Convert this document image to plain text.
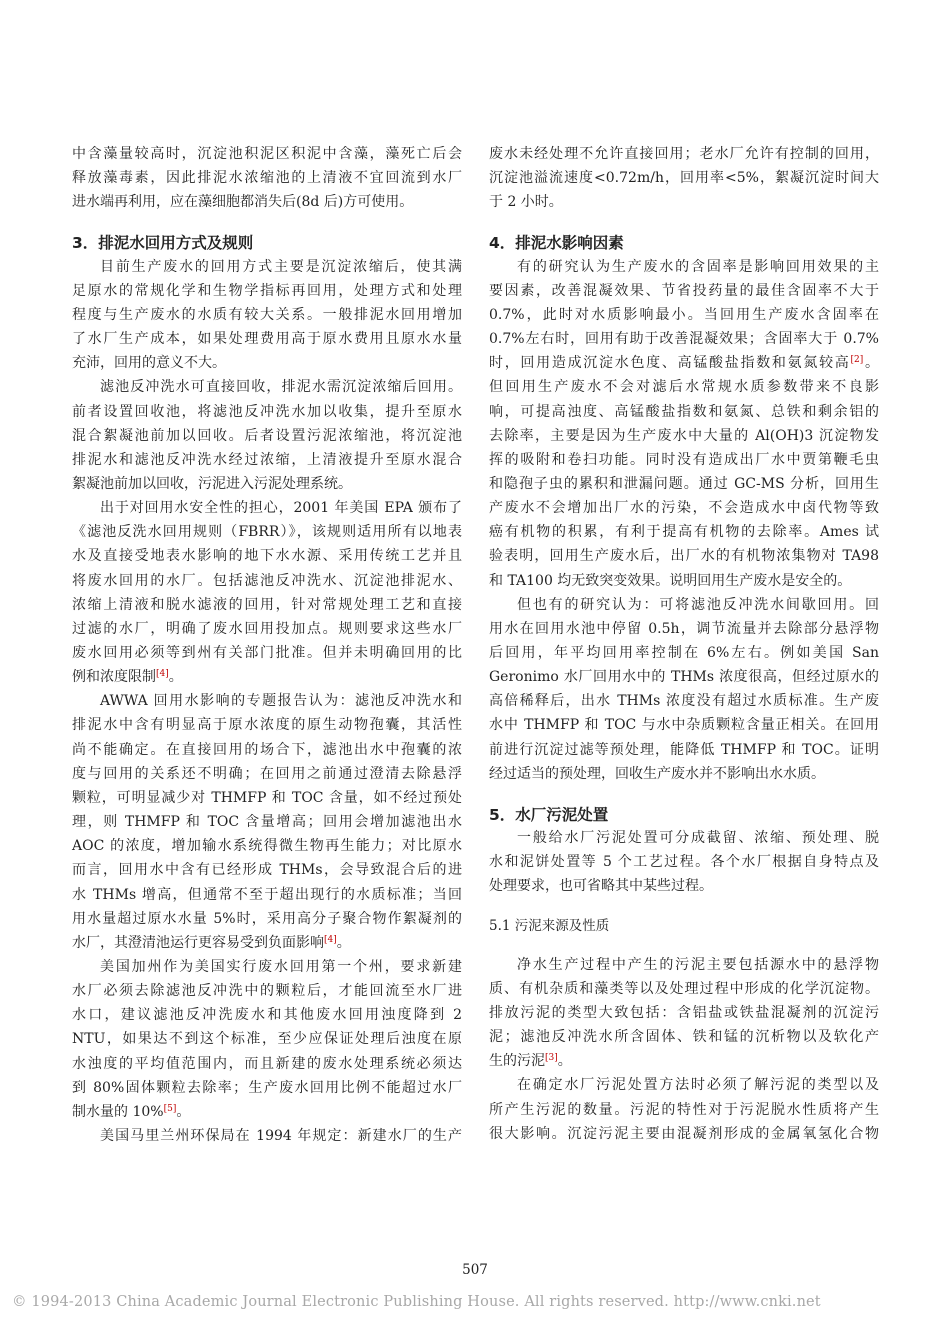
中含藻量较高时，沉淀池积泥区积泥中含藻，藻死亡后会
释放藻毒素，因此排泥水浓缩池的上清液不宜回流到水厂
进水端再利用，应在藻细胞都消失后(8d 后)方可使用。
3．排泥水回用方式及规则
目前生产废水的回用方式主要是沉淀浓缩后，使其满
足原水的常规化学和生物学指标再回用，处理方式和处理
程度与生产废水的水质有较大关系。一般排泥水回用增加
了水厂生产成本，如果处理费用高于原水费用且原水水量
充沛，回用的意义不大。
滤池反冲洗水可直接回收，排泥水需沉淀浓缩后回用。
前者设置回收池，将滤池反冲洗水加以收集，提升至原水
混合絮凝池前加以回收。后者设置污泥浓缩池，将沉淀池
排泥水和滤池反冲洗水经过浓缩，上清液提升至原水混合
絮凝池前加以回收，污泥进入污泥处理系统。
出于对回用水安全性的担心，2001 年美国 EPA 颁布了
《滤池反洗水回用规则（FBRR）》，该规则适用所有以地表
水及直接受地表水影响的地下水水源、采用传统工艺并且
将废水回用的水厂。包括滤池反冲洗水、沉淀池排泥水、
浓缩上清液和脱水滤液的回用，针对常规处理工艺和直接
过滤的水厂，明确了废水回用投加点。规则要求这些水厂
废水回用必须等到州有关部门批准。但并未明确回用的比
例和浓度限制[4]。
AWWA 回用水影响的专题报告认为：滤池反冲洗水和
排泥水中含有明显高于原水浓度的原生动物孢囊，其活性
尚不能确定。在直接回用的场合下，滤池出水中孢囊的浓
度与回用的关系还不明确；在回用之前通过澄清去除悬浮
颗粒，可明显减少对 THMFP 和 TOC 含量，如不经过预处
理，则 THMFP 和 TOC 含量增高；回用会增加滤池出水
AOC 的浓度，增加输水系统得微生物再生能力；对比原水
而言，回用水中含有已经形成 THMs，会导致混合后的进
水 THMs 增高，但通常不至于超出现行的水质标准；当回
用水量超过原水水量 5%时，采用高分子聚合物作絮凝剂的
水厂，其澄清池运行更容易受到负面影响[4]。
美国加州作为美国实行废水回用第一个州，要求新建
水厂必须去除滤池反冲洗中的颗粒后，才能回流至水厂进
水口，建议滤池反冲洗废水和其他废水回用浊度降到 2
NTU，如果达不到这个标准，至少应保证处理后浊度在原
水浊度的平均值范围内，而且新建的废水处理系统必须达
到 80%固体颗粒去除率；生产废水回用比例不能超过水厂
制水量的 10%[5]。
美国马里兰州环保局在 1994 年规定：新建水厂的生产
废水未经处理不允许直接回用；老水厂允许有控制的回用，
沉淀池溢流速度<0.72m/h，回用率<5%，絮凝沉淀时间大
于 2 小时。
4．排泥水影响因素
有的研究认为生产废水的含固率是影响回用效果的主
要因素，改善混凝效果、节省投药量的最佳含固率不大于
0.7%，此时对水质影响最小。当回用生产废水含固率在
0.7%左右时，回用有助于改善混凝效果；含固率大于 0.7%
时，回用造成沉淀水色度、高锰酸盐指数和氨氮较高[2]。
但回用生产废水不会对滤后水常规水质参数带来不良影
响，可提高浊度、高锰酸盐指数和氨氮、总铁和剩余铝的
去除率，主要是因为生产废水中大量的 Al(OH)3 沉淀物发
挥的吸附和卷扫功能。同时没有造成出厂水中贾第鞭毛虫
和隐孢子虫的累积和泄漏问题。通过 GC-MS 分析，回用生
产废水不会增加出厂水的污染，不会造成水中卤代物等致
癌有机物的积累，有利于提高有机物的去除率。Ames 试
验表明，回用生产废水后，出厂水的有机物浓集物对 TA98
和 TA100 均无致突变效果。说明回用生产废水是安全的。
但也有的研究认为：可将滤池反冲洗水间歇回用。回
用水在回用水池中停留 0.5h，调节流量并去除部分悬浮物
后回用，年平均回用率控制在 6%左右。例如美国 San
Geronimo 水厂回用水中的 THMs 浓度很高，但经过原水的
高倍稀释后，出水 THMs 浓度没有超过水质标准。生产废
水中 THMFP 和 TOC 与水中杂质颗粒含量正相关。在回用
前进行沉淀过滤等预处理，能降低 THMFP 和 TOC。证明
经过适当的预处理，回收生产废水并不影响出水水质。
5．水厂污泥处置
一般给水厂污泥处置可分成截留、浓缩、预处理、脱
水和泥饼处置等 5 个工艺过程。各个水厂根据自身特点及
处理要求，也可省略其中某些过程。
5.1 污泥来源及性质
净水生产过程中产生的污泥主要包括源水中的悬浮物
质、有机杂质和藻类等以及处理过程中形成的化学沉淀物。
排放污泥的类型大致包括：含铝盐或铁盐混凝剂的沉淀污
泥；滤池反冲洗水所含固体、铁和锰的沉析物以及软化产
生的污泥[3]。
在确定水厂污泥处置方法时必须了解污泥的类型以及
所产生污泥的数量。污泥的特性对于污泥脱水性质将产生
很大影响。沉淀污泥主要由混凝剂形成的金属氧氢化合物
507
© 1994-2013 China Academic Journal Electronic Publishing House. All rights reserved. http://www.cnki.net
